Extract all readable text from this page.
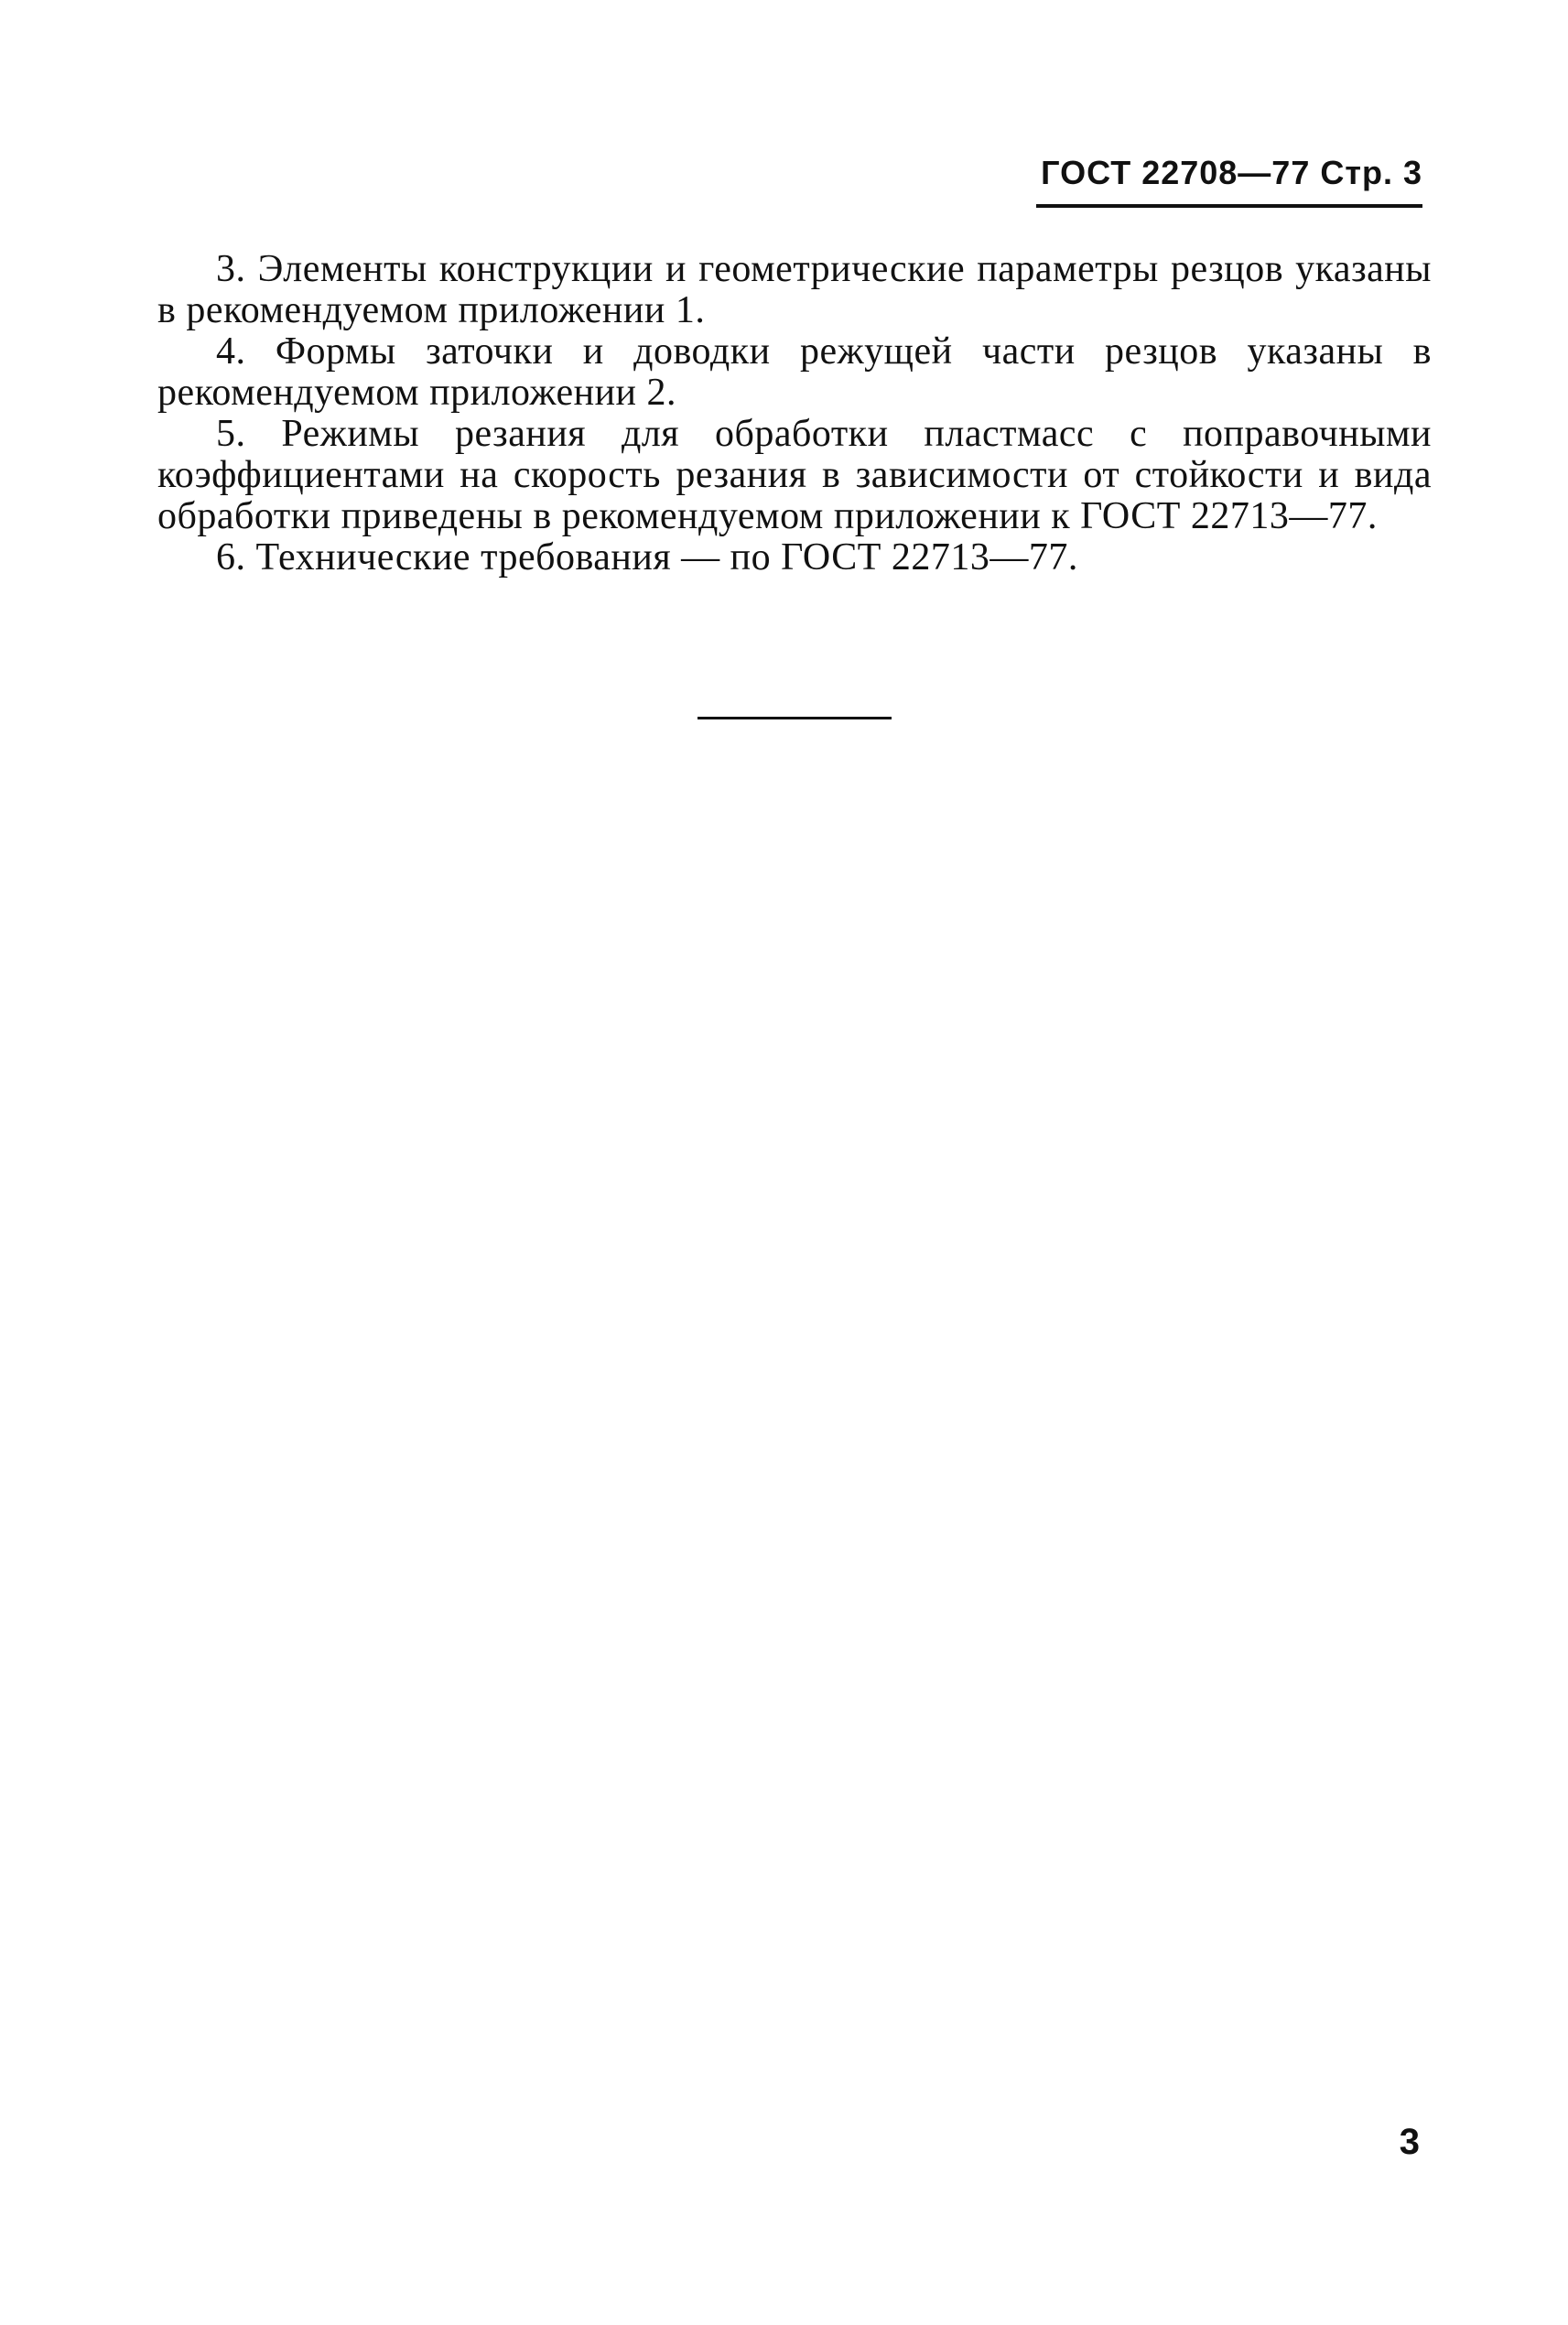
ГОСТ 22708—77 Стр. 3

3. Элементы конструкции и геометрические параметры резцов указаны в рекомендуемом приложении 1.

4. Формы заточки и доводки режущей части резцов указаны в рекомендуемом приложении 2.

5. Режимы резания для обработки пластмасс с поправочными коэффициентами на скорость резания в зависимости от стойкости и вида обработки приведены в рекомендуемом приложении к ГОСТ 22713—77.

6. Технические требования — по ГОСТ 22713—77.

3
